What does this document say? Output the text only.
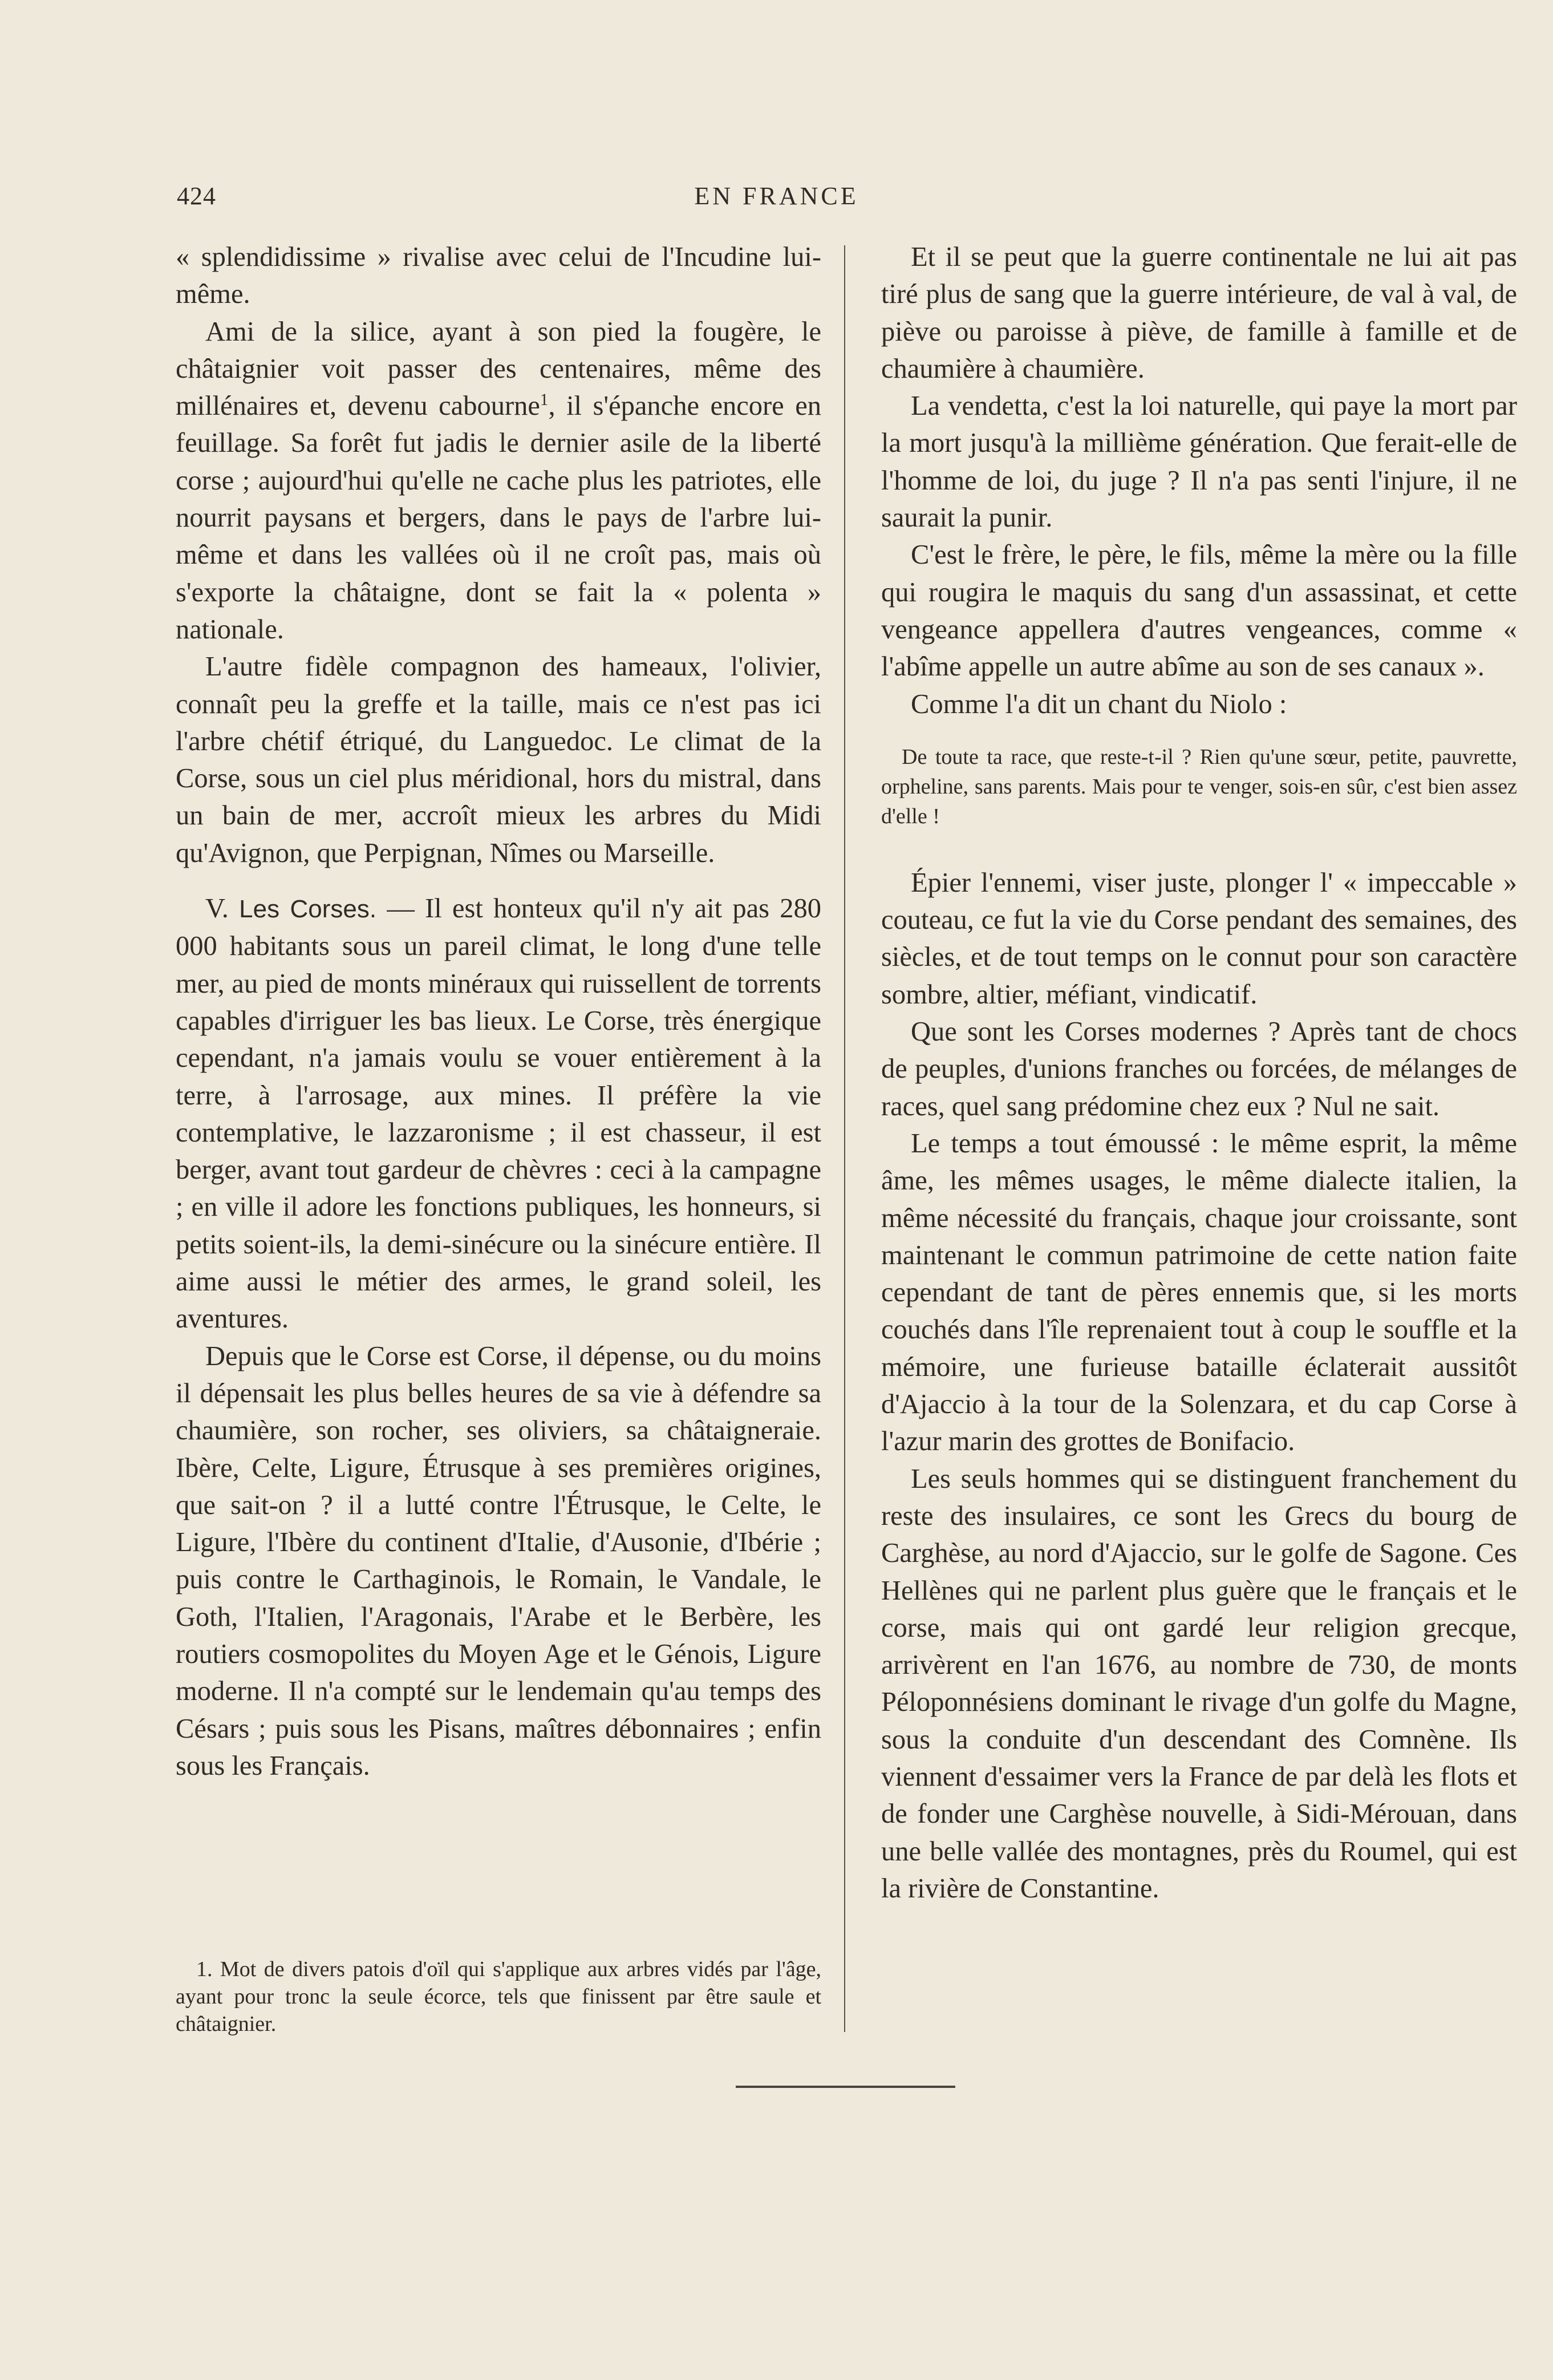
424	EN FRANCE

« splendidissime » rivalise avec celui de l'Incudine lui-même.

Ami de la silice, ayant à son pied la fougère, le châtaignier voit passer des centenaires, même des millénaires et, devenu cabourne$^1$, il s'épanche encore en feuillage. Sa forêt fut jadis le dernier asile de la liberté corse ; aujourd'hui qu'elle ne cache plus les patriotes, elle nourrit paysans et bergers, dans le pays de l'arbre lui-même et dans les vallées où il ne croît pas, mais où s'exporte la châtaigne, dont se fait la « polenta » nationale.

L'autre fidèle compagnon des hameaux, l'olivier, connaît peu la greffe et la taille, mais ce n'est pas ici l'arbre chétif étriqué, du Languedoc. Le climat de la Corse, sous un ciel plus méridional, hors du mistral, dans un bain de mer, accroît mieux les arbres du Midi qu'Avignon, que Perpignan, Nîmes ou Marseille.

V. Les Corses. — Il est honteux qu'il n'y ait pas 280 000 habitants sous un pareil climat, le long d'une telle mer, au pied de monts minéraux qui ruissellent de torrents capables d'irriguer les bas lieux. Le Corse, très énergique cependant, n'a jamais voulu se vouer entièrement à la terre, à l'arrosage, aux mines. Il préfère la vie contemplative, le lazzaronisme ; il est chasseur, il est berger, avant tout gardeur de chèvres : ceci à la campagne ; en ville il adore les fonctions publiques, les honneurs, si petits soient-ils, la demi-sinécure ou la sinécure entière. Il aime aussi le métier des armes, le grand soleil, les aventures.

Depuis que le Corse est Corse, il dépense, ou du moins il dépensait les plus belles heures de sa vie à défendre sa chaumière, son rocher, ses oliviers, sa châtaigneraie. Ibère, Celte, Ligure, Étrusque à ses premières origines, que sait-on ? il a lutté contre l'Étrusque, le Celte, le Ligure, l'Ibère du continent d'Italie, d'Ausonie, d'Ibérie ; puis contre le Carthaginois, le Romain, le Vandale, le Goth, l'Italien, l'Aragonais, l'Arabe et le Berbère, les routiers cosmopolites du Moyen Age et le Génois, Ligure moderne. Il n'a compté sur le lendemain qu'au temps des Césars ; puis sous les Pisans, maîtres débonnaires ; enfin sous les Français.

1. Mot de divers patois d'oïl qui s'applique aux arbres vidés par l'âge, ayant pour tronc la seule écorce, tels que finissent par être saule et châtaignier.

Et il se peut que la guerre continentale ne lui ait pas tiré plus de sang que la guerre intérieure, de val à val, de piève ou paroisse à piève, de famille à famille et de chaumière à chaumière.

La vendetta, c'est la loi naturelle, qui paye la mort par la mort jusqu'à la millième génération. Que ferait-elle de l'homme de loi, du juge ? Il n'a pas senti l'injure, il ne saurait la punir.

C'est le frère, le père, le fils, même la mère ou la fille qui rougira le maquis du sang d'un assassinat, et cette vengeance appellera d'autres vengeances, comme « l'abîme appelle un autre abîme au son de ses canaux ».

Comme l'a dit un chant du Niolo :

De toute ta race, que reste-t-il ? Rien qu'une sœur, petite, pauvrette, orpheline, sans parents. Mais pour te venger, sois-en sûr, c'est bien assez d'elle !

Épier l'ennemi, viser juste, plonger l' « impeccable » couteau, ce fut la vie du Corse pendant des semaines, des siècles, et de tout temps on le connut pour son caractère sombre, altier, méfiant, vindicatif.

Que sont les Corses modernes ? Après tant de chocs de peuples, d'unions franches ou forcées, de mélanges de races, quel sang prédomine chez eux ? Nul ne sait.

Le temps a tout émoussé : le même esprit, la même âme, les mêmes usages, le même dialecte italien, la même nécessité du français, chaque jour croissante, sont maintenant le commun patrimoine de cette nation faite cependant de tant de pères ennemis que, si les morts couchés dans l'île reprenaient tout à coup le souffle et la mémoire, une furieuse bataille éclaterait aussitôt d'Ajaccio à la tour de la Solenzara, et du cap Corse à l'azur marin des grottes de Bonifacio.

Les seuls hommes qui se distinguent franchement du reste des insulaires, ce sont les Grecs du bourg de Carghèse, au nord d'Ajaccio, sur le golfe de Sagone. Ces Hellènes qui ne parlent plus guère que le français et le corse, mais qui ont gardé leur religion grecque, arrivèrent en l'an 1676, au nombre de 730, de monts Péloponnésiens dominant le rivage d'un golfe du Magne, sous la conduite d'un descendant des Comnène. Ils viennent d'essaimer vers la France de par delà les flots et de fonder une Carghèse nouvelle, à Sidi-Mérouan, dans une belle vallée des montagnes, près du Roumel, qui est la rivière de Constantine.
